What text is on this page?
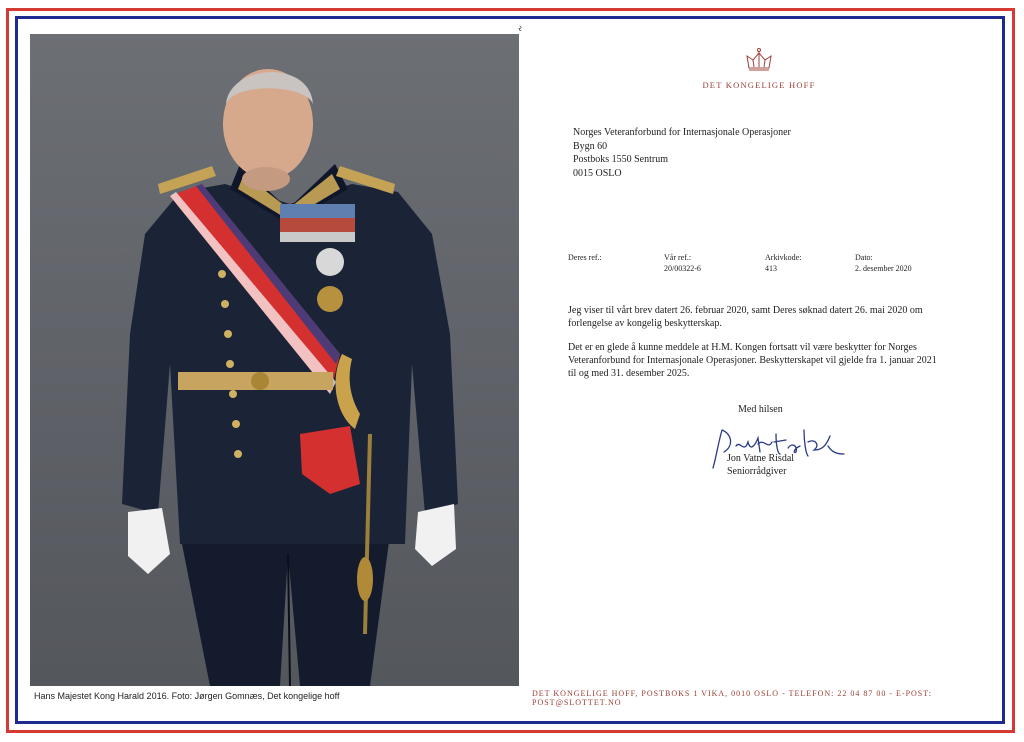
Hans Majestet Kong Harald 2016. Foto: Jørgen Gomnæs, Det kongelige hoff
ર
DET KONGELIGE HOFF
Norges Veteranforbund for Internasjonale Operasjoner
Bygn 60
Postboks 1550 Sentrum
0015 OSLO
Deres ref.:	Vår ref.:
20/00322-6
Arkivkode:
413
Dato:
2. desember 2020
Jeg viser til vårt brev datert 26. februar 2020, samt Deres søknad datert 26. mai 2020 om forlengelse av kongelig beskytterskap.
Det er en glede å kunne meddele at H.M. Kongen fortsatt vil være beskytter for Norges Veteranforbund for Internasjonale Operasjoner. Beskytterskapet vil gjelde fra 1. januar 2021 til og med 31. desember 2025.
Med hilsen
Jon Vatne Risdal
Seniorrådgiver
DET KONGELIGE HOFF, POSTBOKS 1 VIKA, 0010 OSLO - TELEFON: 22 04 87 00 - E-POST: POST@SLOTTET.NO
